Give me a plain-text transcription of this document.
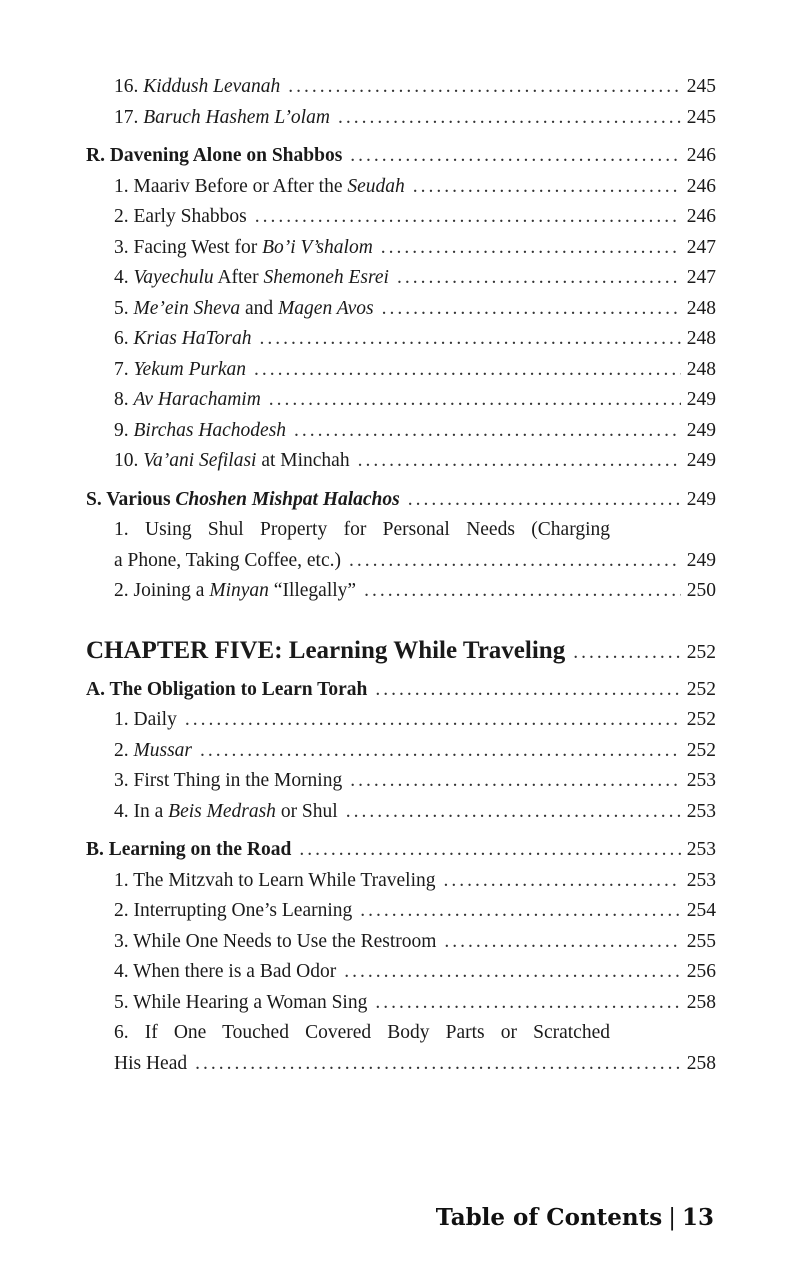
16. Kiddush Levanah .....	245
17. Baruch Hashem L’olam .....	245
R. Davening Alone on Shabbos .....	246
1. Maariv Before or After the Seudah .....	246
2. Early Shabbos .....	246
3. Facing West for Bo’i V’shalom .....	247
4. Vayechulu After Shemoneh Esrei .....	247
5. Me’ein Sheva and Magen Avos .....	248
6. Krias HaTorah .....	248
7. Yekum Purkan .....	248
8. Av Harachamim .....	249
9. Birchas Hachodesh .....	249
10. Va’ani Sefilasi at Minchah .....	249
S. Various Choshen Mishpat Halachos .....	249
1. Using Shul Property for Personal Needs (Charging
a Phone, Taking Coffee, etc.) .....	249
2. Joining a Minyan “Illegally” .....	250
CHAPTER FIVE: Learning While Traveling .....	252
A. The Obligation to Learn Torah .....	252
1. Daily .....	252
2. Mussar .....	252
3. First Thing in the Morning .....	253
4. In a Beis Medrash or Shul .....	253
B. Learning on the Road .....	253
1. The Mitzvah to Learn While Traveling .....	253
2. Interrupting One’s Learning .....	254
3. While One Needs to Use the Restroom .....	255
4. When there is a Bad Odor .....	256
5. While Hearing a Woman Sing .....	258
6. If One Touched Covered Body Parts or Scratched
His Head .....	258
Table of Contents | 13
